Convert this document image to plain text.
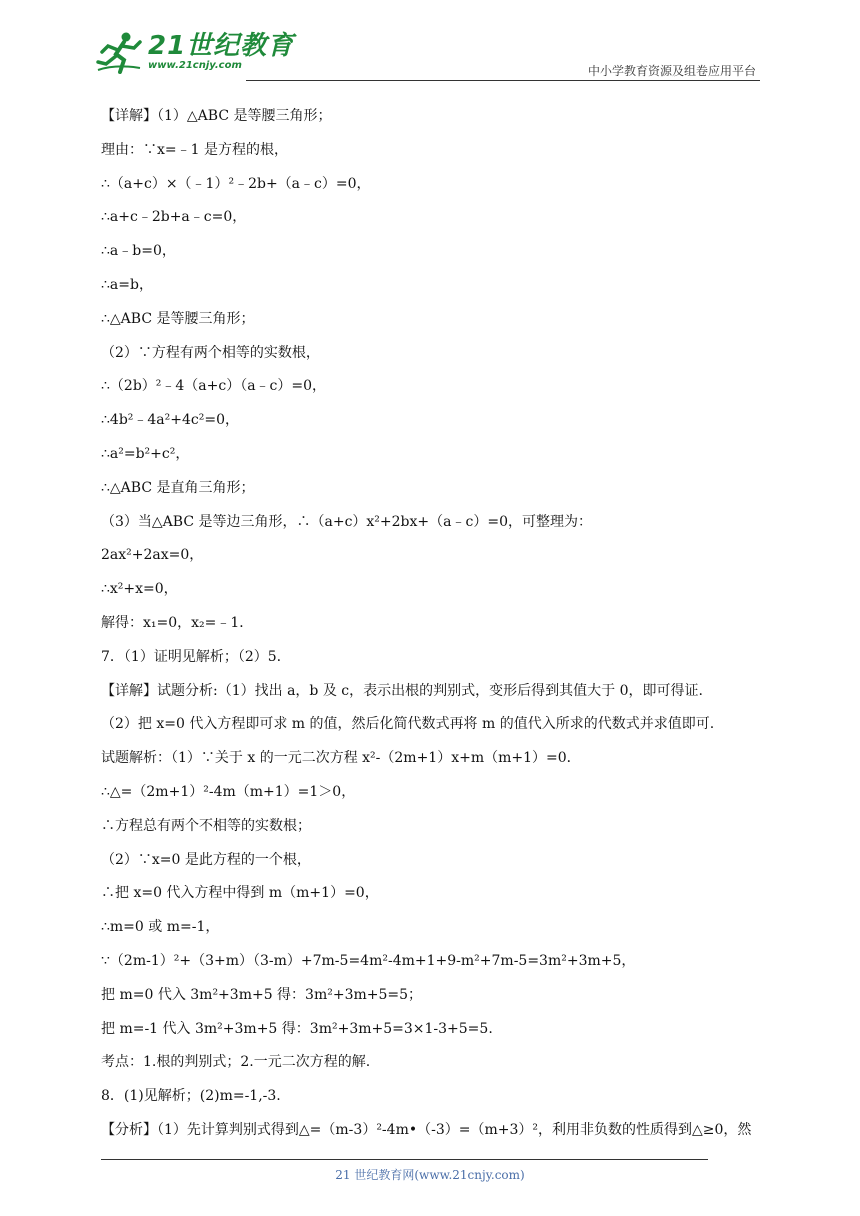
21世纪教育
www.21cnjy.com	中小学教育资源及组卷应用平台
【详解】（1）△ABC 是等腰三角形；
理由：∵x=﹣1 是方程的根，
∴（a+c）×（﹣1）²﹣2b+（a﹣c）=0，
∴a+c﹣2b+a﹣c=0，
∴a﹣b=0，
∴a=b，
∴△ABC 是等腰三角形；
（2）∵方程有两个相等的实数根，
∴（2b）²﹣4（a+c）（a﹣c）=0，
∴4b²﹣4a²+4c²=0，
∴a²=b²+c²，
∴△ABC 是直角三角形；
（3）当△ABC 是等边三角形，∴（a+c）x²+2bx+（a﹣c）=0，可整理为：
2ax²+2ax=0，
∴x²+x=0，
解得：x₁=0，x₂=﹣1．
7．（1）证明见解析；（2）5.
【详解】试题分析:（1）找出 a，b 及 c，表示出根的判别式，变形后得到其值大于 0，即可得证.
（2）把 x=0 代入方程即可求 m 的值，然后化简代数式再将 m 的值代入所求的代数式并求值即可.
试题解析：（1）∵关于 x 的一元二次方程 x²-（2m+1）x+m（m+1）=0．
∴△=（2m+1）²-4m（m+1）=1＞0，
∴方程总有两个不相等的实数根；
（2）∵x=0 是此方程的一个根，
∴把 x=0 代入方程中得到 m（m+1）=0，
∴m=0 或 m=-1，
∵（2m-1）²+（3+m）（3-m）+7m-5=4m²-4m+1+9-m²+7m-5=3m²+3m+5，
把 m=0 代入 3m²+3m+5 得：3m²+3m+5=5；
把 m=-1 代入 3m²+3m+5 得：3m²+3m+5=3×1-3+5=5.
考点：1.根的判别式；2.一元二次方程的解.
8．(1)见解析；(2)m=-1,-3.
【分析】（1）先计算判别式得到△=（m-3）²-4m•（-3）=（m+3）²，利用非负数的性质得到△≥0，然
21 世纪教育网(www.21cnjy.com)
